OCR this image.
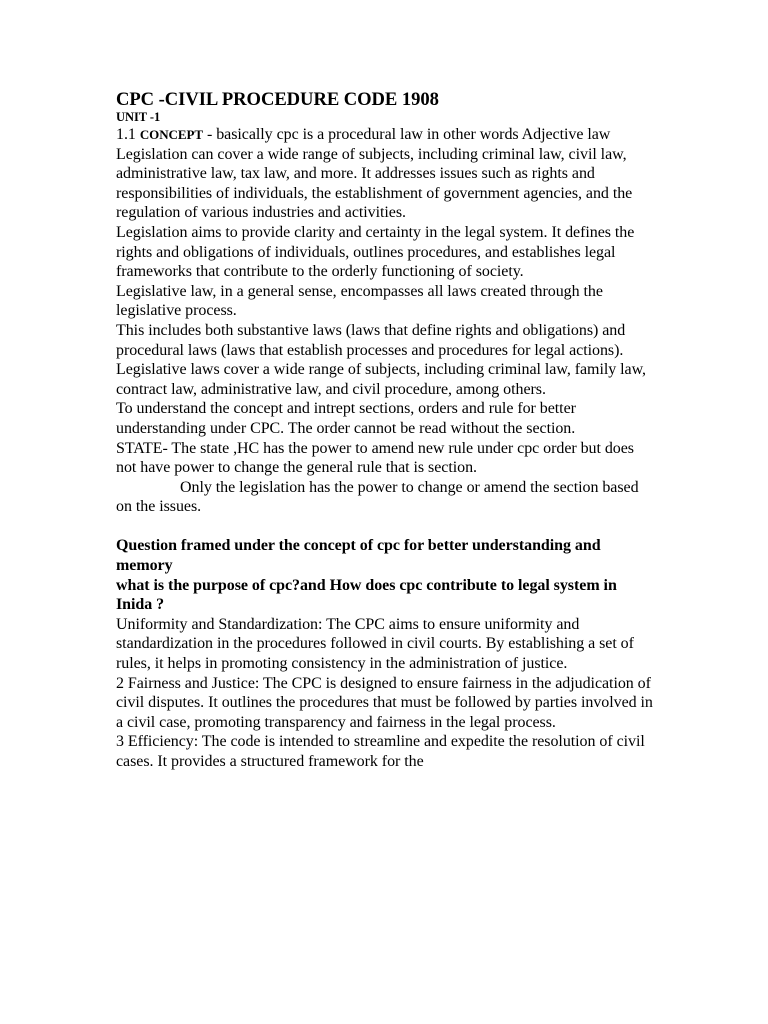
CPC -CIVIL PROCEDURE CODE 1908
UNIT -1

1.1 CONCEPT - basically cpc is a procedural law in other words Adjective law

Legislation can cover a wide range of subjects, including criminal law, civil law, administrative law, tax law, and more. It addresses issues such as rights and responsibilities of individuals, the establishment of government agencies, and the regulation of various industries and activities.

Legislation aims to provide clarity and certainty in the legal system. It defines the rights and obligations of individuals, outlines procedures, and establishes legal frameworks that contribute to the orderly functioning of society.

Legislative law, in a general sense, encompasses all laws created through the legislative process.

This includes both substantive laws (laws that define rights and obligations) and procedural laws (laws that establish processes and procedures for legal actions).

Legislative laws cover a wide range of subjects, including criminal law, family law, contract law, administrative law, and civil procedure, among others.

To understand the concept and intrept sections, orders and rule for better understanding under CPC. The order cannot be read without the section.

STATE- The state ,HC has the power to amend new rule under cpc order but does not have power to change the general rule that is section.

Only the legislation has the power to change or amend the section based on the issues.

Question framed under the concept of cpc for better understanding and memory

what is the purpose of cpc?and How does cpc contribute to legal system in Inida ?

Uniformity and Standardization: The CPC aims to ensure uniformity and standardization in the procedures followed in civil courts. By establishing a set of rules, it helps in promoting consistency in the administration of justice.

2 Fairness and Justice: The CPC is designed to ensure fairness in the adjudication of civil disputes. It outlines the procedures that must be followed by parties involved in a civil case, promoting transparency and fairness in the legal process.

3 Efficiency: The code is intended to streamline and expedite the resolution of civil cases. It provides a structured framework for the
